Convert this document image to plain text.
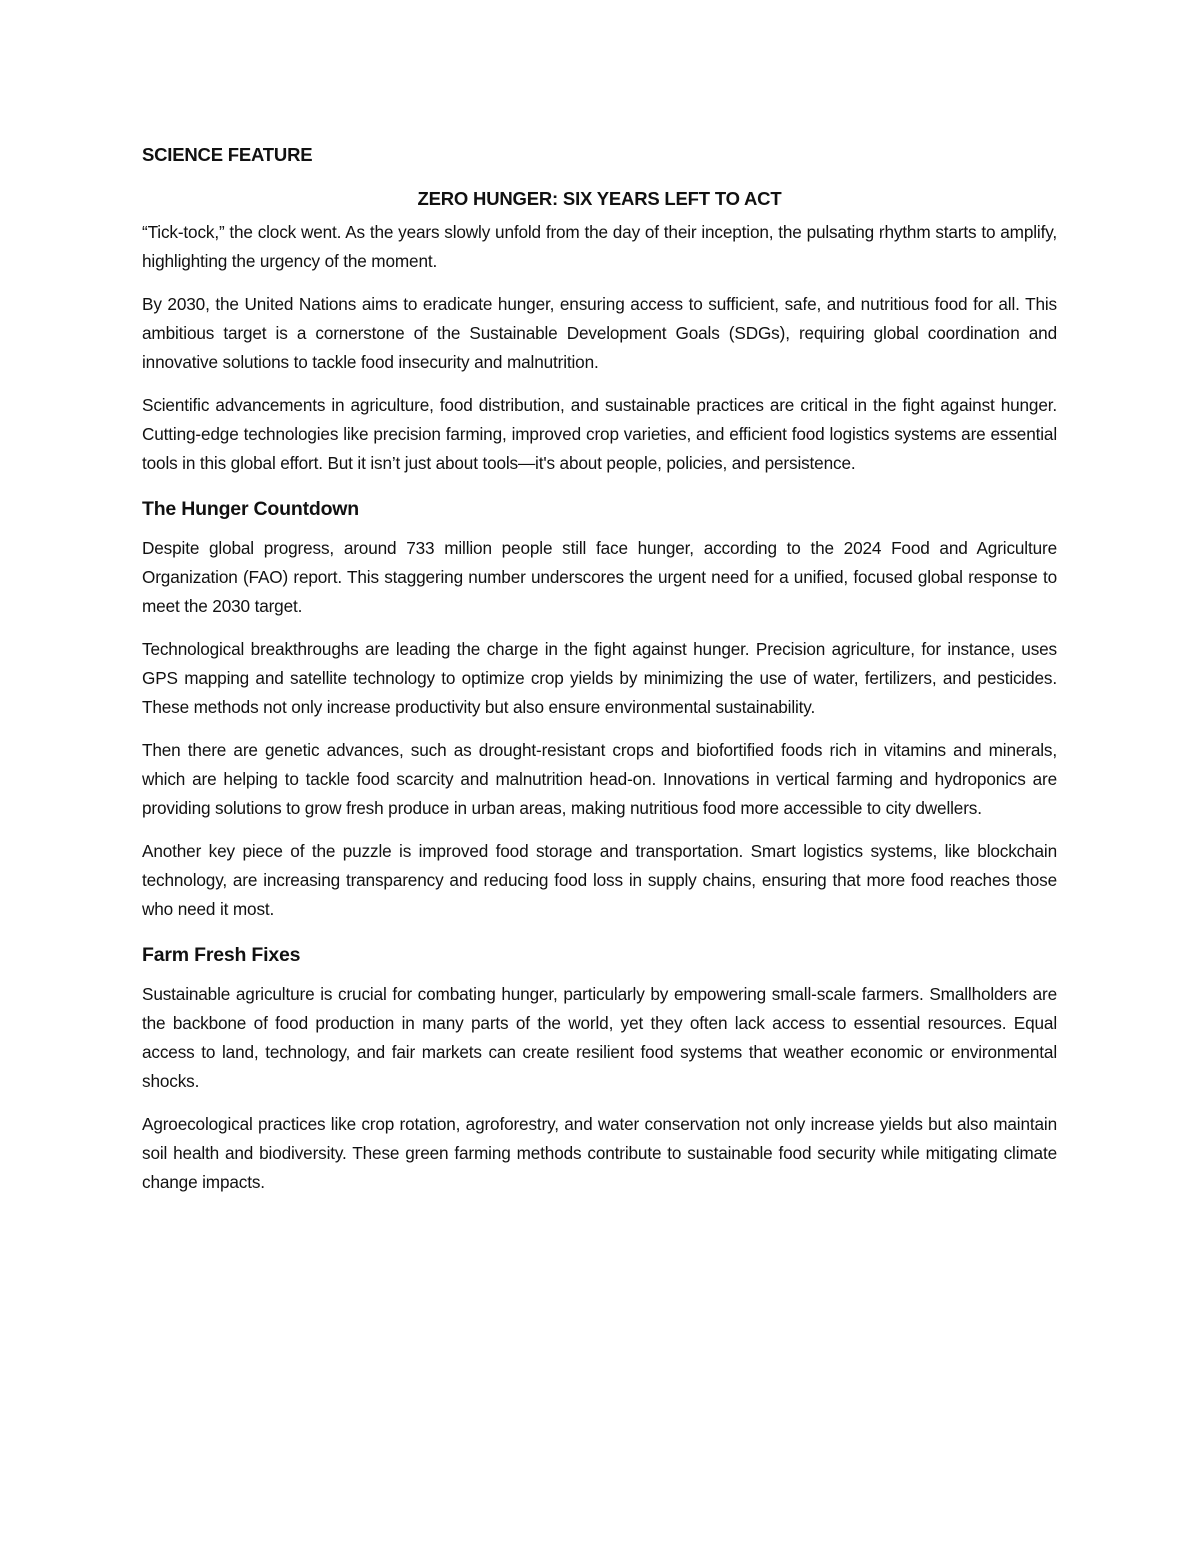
SCIENCE FEATURE

ZERO HUNGER: SIX YEARS LEFT TO ACT

“Tick-tock,” the clock went. As the years slowly unfold from the day of their inception, the pulsating rhythm starts to amplify, highlighting the urgency of the moment.

By 2030, the United Nations aims to eradicate hunger, ensuring access to sufficient, safe, and nutritious food for all. This ambitious target is a cornerstone of the Sustainable Development Goals (SDGs), requiring global coordination and innovative solutions to tackle food insecurity and malnutrition.

Scientific advancements in agriculture, food distribution, and sustainable practices are critical in the fight against hunger. Cutting-edge technologies like precision farming, improved crop varieties, and efficient food logistics systems are essential tools in this global effort. But it isn’t just about tools—it's about people, policies, and persistence.

The Hunger Countdown

Despite global progress, around 733 million people still face hunger, according to the 2024 Food and Agriculture Organization (FAO) report. This staggering number underscores the urgent need for a unified, focused global response to meet the 2030 target.

Technological breakthroughs are leading the charge in the fight against hunger. Precision agriculture, for instance, uses GPS mapping and satellite technology to optimize crop yields by minimizing the use of water, fertilizers, and pesticides. These methods not only increase productivity but also ensure environmental sustainability.

Then there are genetic advances, such as drought-resistant crops and biofortified foods rich in vitamins and minerals, which are helping to tackle food scarcity and malnutrition head-on. Innovations in vertical farming and hydroponics are providing solutions to grow fresh produce in urban areas, making nutritious food more accessible to city dwellers.

Another key piece of the puzzle is improved food storage and transportation. Smart logistics systems, like blockchain technology, are increasing transparency and reducing food loss in supply chains, ensuring that more food reaches those who need it most.

Farm Fresh Fixes

Sustainable agriculture is crucial for combating hunger, particularly by empowering small-scale farmers. Smallholders are the backbone of food production in many parts of the world, yet they often lack access to essential resources. Equal access to land, technology, and fair markets can create resilient food systems that weather economic or environmental shocks.

Agroecological practices like crop rotation, agroforestry, and water conservation not only increase yields but also maintain soil health and biodiversity. These green farming methods contribute to sustainable food security while mitigating climate change impacts.
